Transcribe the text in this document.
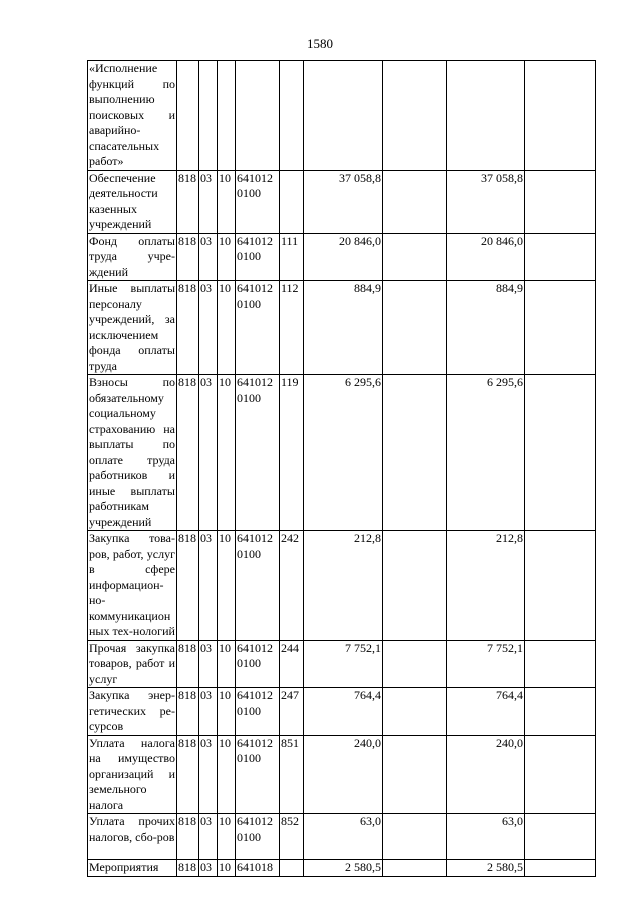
1580
«Исполнение функций по выполнению поисковых и аварийно-спасательных работ»									
Обеспечение деятельности казенных учреждений	818	03	10	6410120100		37 058,8		37 058,8	
Фонд оплаты труда учре-ждений	818	03	10	6410120100	111	20 846,0		20 846,0	
Иные выплаты персоналу учреждений, за исключением фонда оплаты труда	818	03	10	6410120100	112	884,9		884,9	
Взносы по обязательному социальному страхованию на выплаты по оплате труда работников и иные выплаты работникам учреждений	818	03	10	6410120100	119	6 295,6		6 295,6	
Закупка това-ров, работ, услуг в сфере информацион-но-коммуникационных тех-нологий	818	03	10	6410120100	242	212,8		212,8	
Прочая закупка товаров, работ и услуг	818	03	10	6410120100	244	7 752,1		7 752,1	
Закупка энер-гетических ре-сурсов	818	03	10	6410120100	247	764,4		764,4	
Уплата налога на имущество организаций и земельного налога	818	03	10	6410120100	851	240,0		240,0	
Уплата прочих налогов, сбо-ров	818	03	10	6410120100	852	63,0		63,0	
Мероприятия	818	03	10	641018		2 580,5		2 580,5	
